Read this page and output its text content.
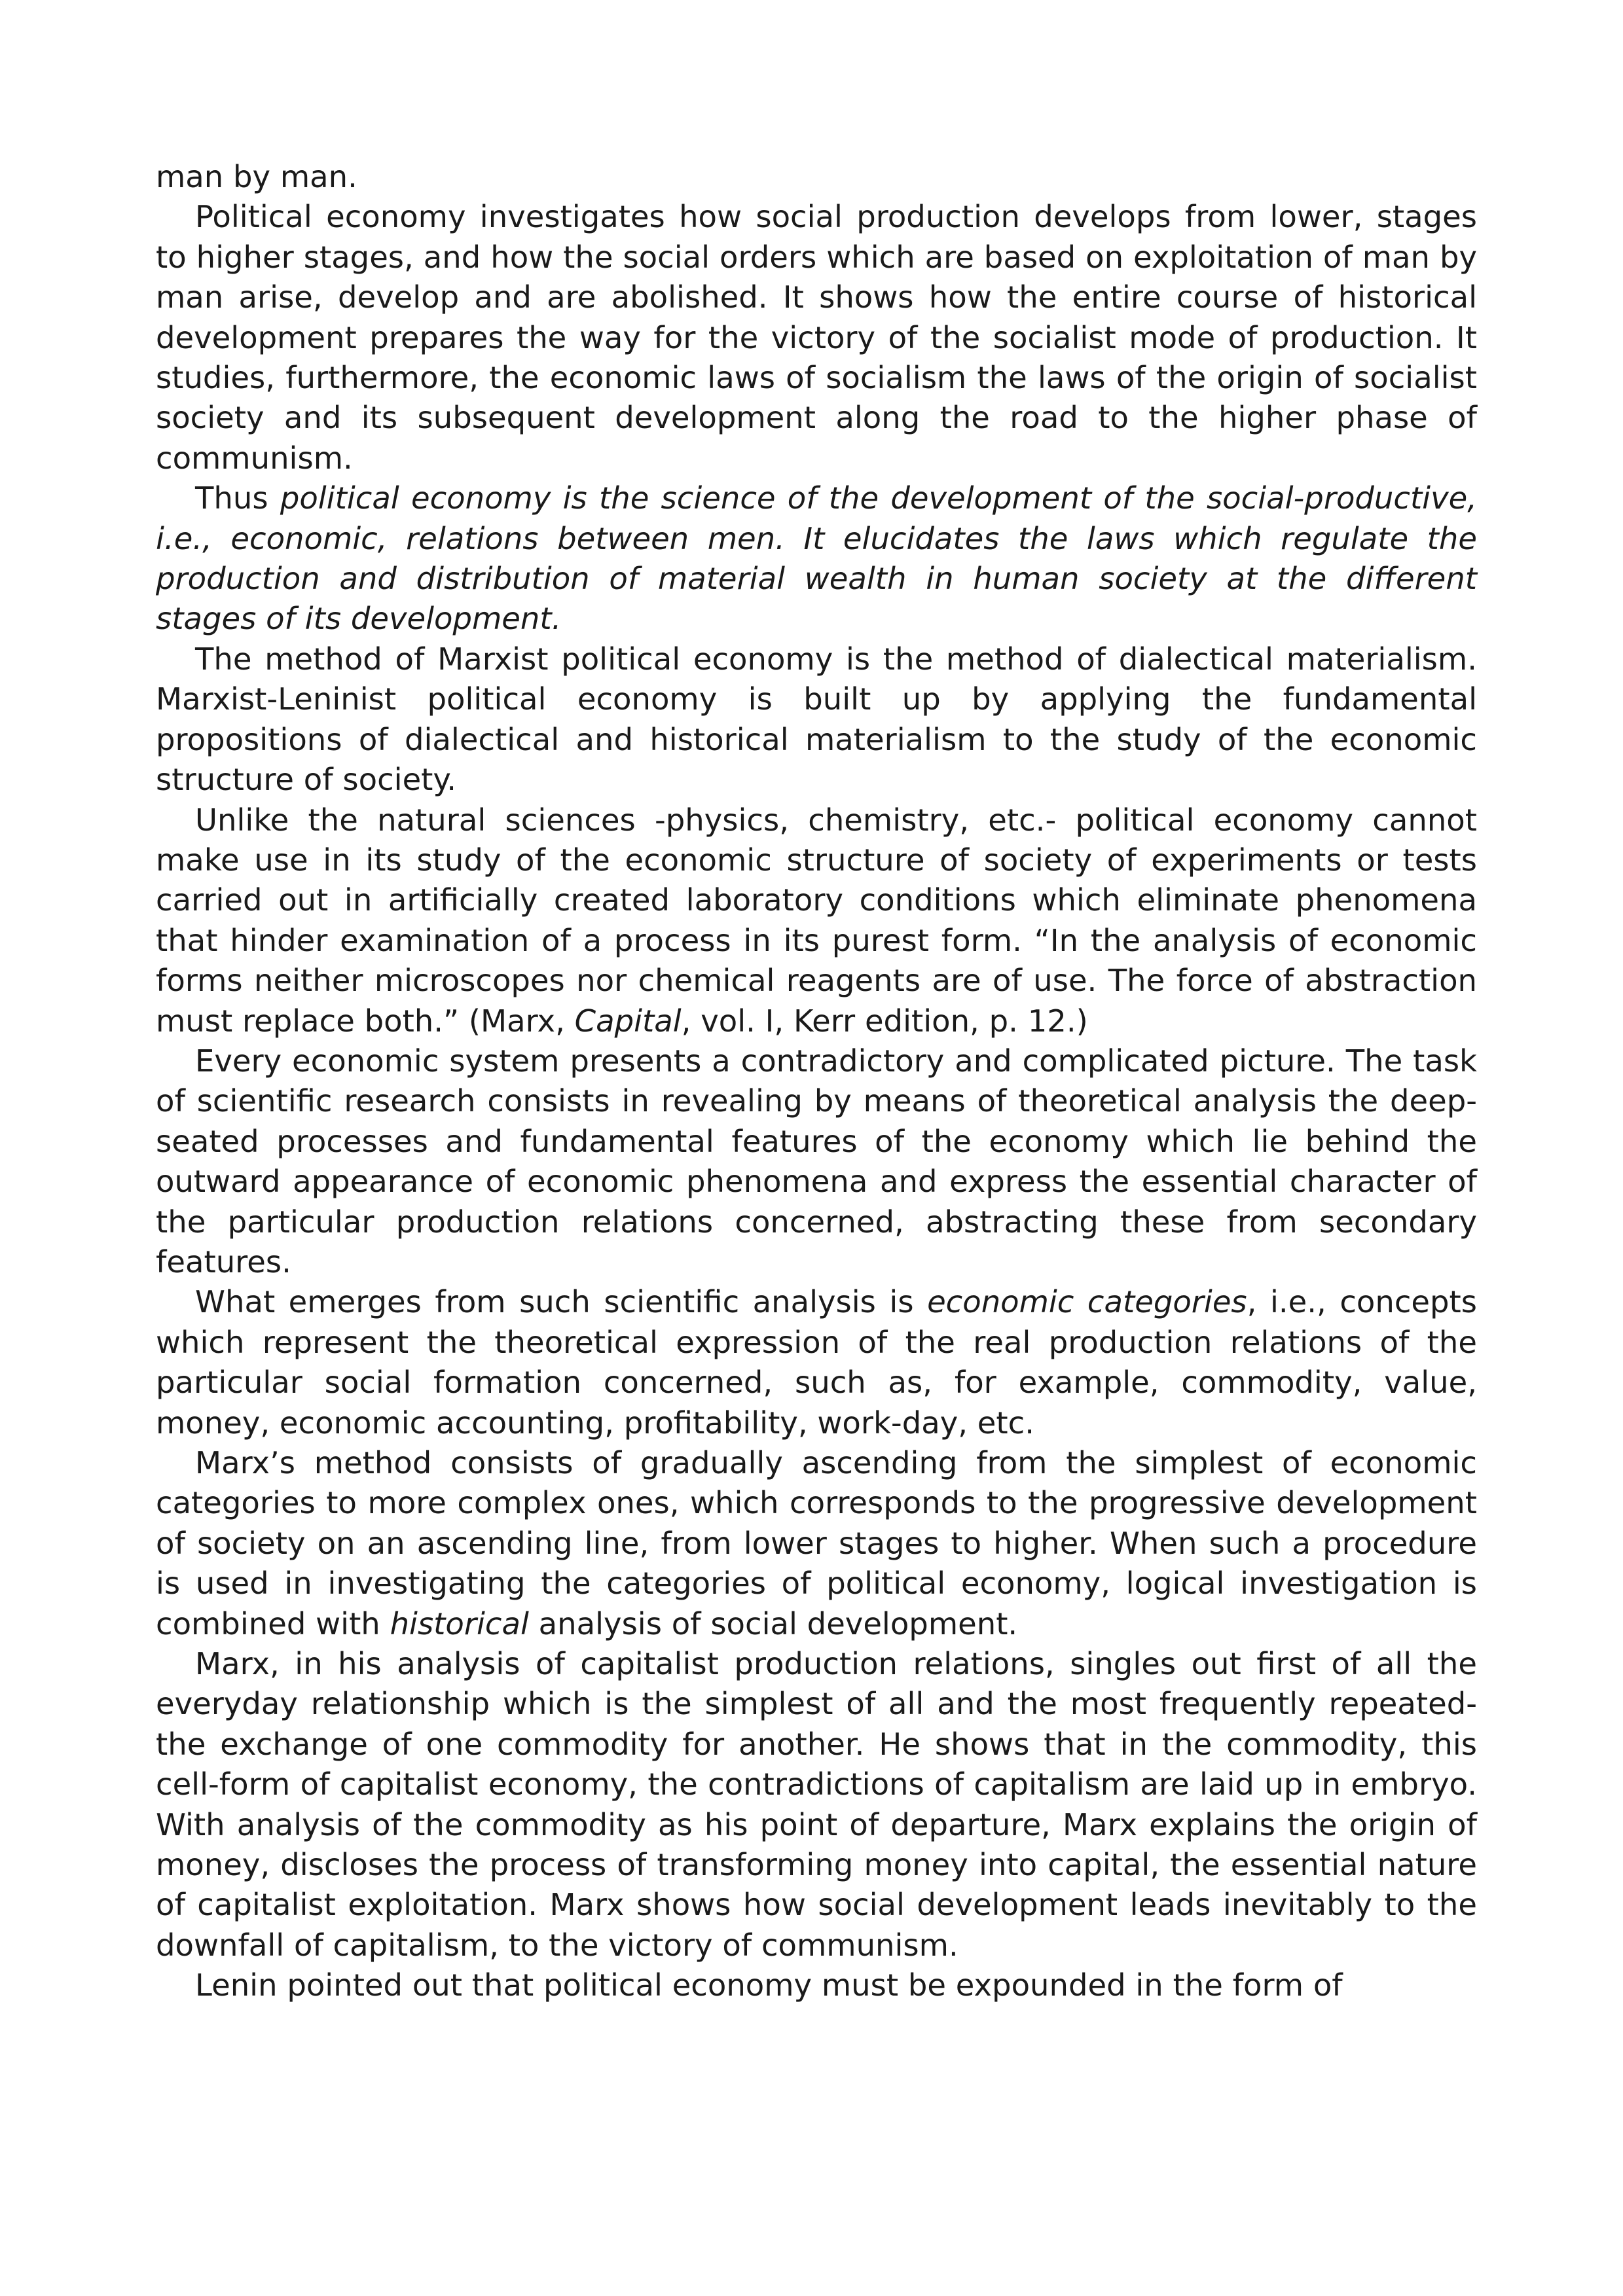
man by man.

Political economy investigates how social production develops from lower, stages to higher stages, and how the social orders which are based on exploitation of man by man arise, develop and are abolished. It shows how the entire course of historical development prepares the way for the victory of the socialist mode of production. It studies, furthermore, the economic laws of socialism the laws of the origin of socialist society and its subsequent development along the road to the higher phase of communism.

Thus political economy is the science of the development of the social-productive, i.e., economic, relations between men. It elucidates the laws which regulate the production and distribution of material wealth in human society at the different stages of its development.

The method of Marxist political economy is the method of dialectical materialism. Marxist-Leninist political economy is built up by applying the fundamental propositions of dialectical and historical materialism to the study of the economic structure of society.

Unlike the natural sciences -physics, chemistry, etc.- political economy cannot make use in its study of the economic structure of society of experiments or tests carried out in artificially created laboratory conditions which eliminate phenomena that hinder examination of a process in its purest form. “In the analysis of economic forms neither microscopes nor chemical reagents are of use. The force of abstraction must replace both.” (Marx, Capital, vol. I, Kerr edition, p. 12.)

Every economic system presents a contradictory and complicated picture. The task of scientific research consists in revealing by means of theoretical analysis the deep-seated processes and fundamental features of the economy which lie behind the outward appearance of economic phenomena and express the essential character of the particular production relations concerned, abstracting these from secondary features.

What emerges from such scientific analysis is economic categories, i.e., concepts which represent the theoretical expression of the real production relations of the particular social formation concerned, such as, for example, commodity, value, money, economic accounting, profitability, work-day, etc.

Marx’s method consists of gradually ascending from the simplest of economic categories to more complex ones, which corresponds to the progressive development of society on an ascending line, from lower stages to higher. When such a procedure is used in investigating the categories of political economy, logical investigation is combined with historical analysis of social development.

Marx, in his analysis of capitalist production relations, singles out first of all the everyday relationship which is the simplest of all and the most frequently repeated-the exchange of one commodity for another. He shows that in the commodity, this cell-form of capitalist economy, the contradictions of capitalism are laid up in embryo. With analysis of the commodity as his point of departure, Marx explains the origin of money, discloses the process of transforming money into capital, the essential nature of capitalist exploitation. Marx shows how social development leads inevitably to the downfall of capitalism, to the victory of communism.

Lenin pointed out that political economy must be expounded in the form of
